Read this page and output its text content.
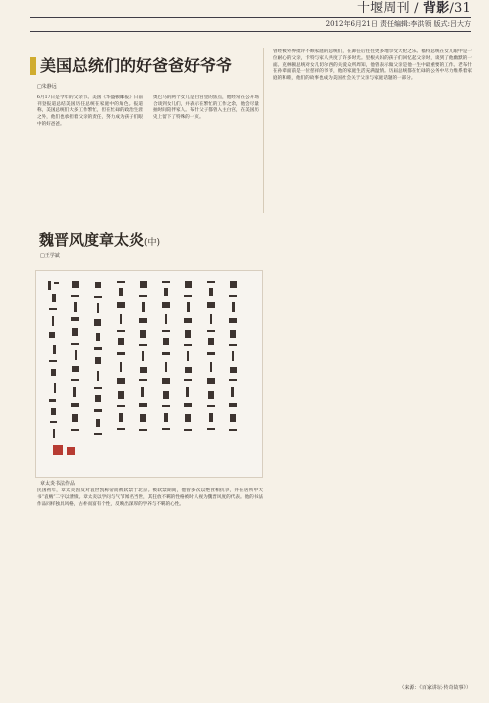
十堰周刊 / 背影/31
2012年6月21日 责任编辑:李洪领 版式:吕大方
美国总统们的好爸爸好爷爷
□朱静远
6月17日是今年的父亲节。美国《华盛顿邮报》日前刊登报道总结美国历任总统在家庭中的角色。报道称，美国总统们大多工作繁忙，但在忙碌的政治生涯之外，他们也承担着父亲的责任，努力成为孩子们眼中的好爸爸。
奥巴马的两个女儿是白宫里的焦点，他经常在公开场合谈到女儿们，并表示在繁忙的工作之余，他会尽量抽时间陪伴家人。布什父子都曾入主白宫，在美国历史上留下了特殊的一页。
曾经被外界批评不顾家庭的总统们，在卸任后往往更多地享受天伦之乐。福特总统在女儿眼中是一位耐心的父亲，卡特与家人共度了许多时光。里根夫妇的孩子们回忆起父亲时，谈到了他幽默的一面。克林顿总统对女儿切尔西的关爱众所周知，他曾表示做父亲是他一生中最重要的工作。老布什在孙辈面前是一位慈祥的爷爷，他的家庭生活充满温情。历届总统都在忙碌的公务中尽力维系着家庭的和睦，他们的故事也成为美国社会关于父亲与家庭话题的一部分。
魏晋风度章太炎(中)
□王学斌
章太炎书法作品
民国初年，章太炎因反对袁世凯称帝而被软禁于北京。被软禁期间，他曾多次以绝食相抗争，并在居所中大书“袁贼”二字以泄愤。章太炎以学问与气节闻名当世，其狂放不羁的性格被时人视为魏晋风度的代表。他的书法作品同样独具风格，古朴而富有个性，反映出深厚的学养与不羁的心性。
（来源：《百家讲坛·传奇故事》）
